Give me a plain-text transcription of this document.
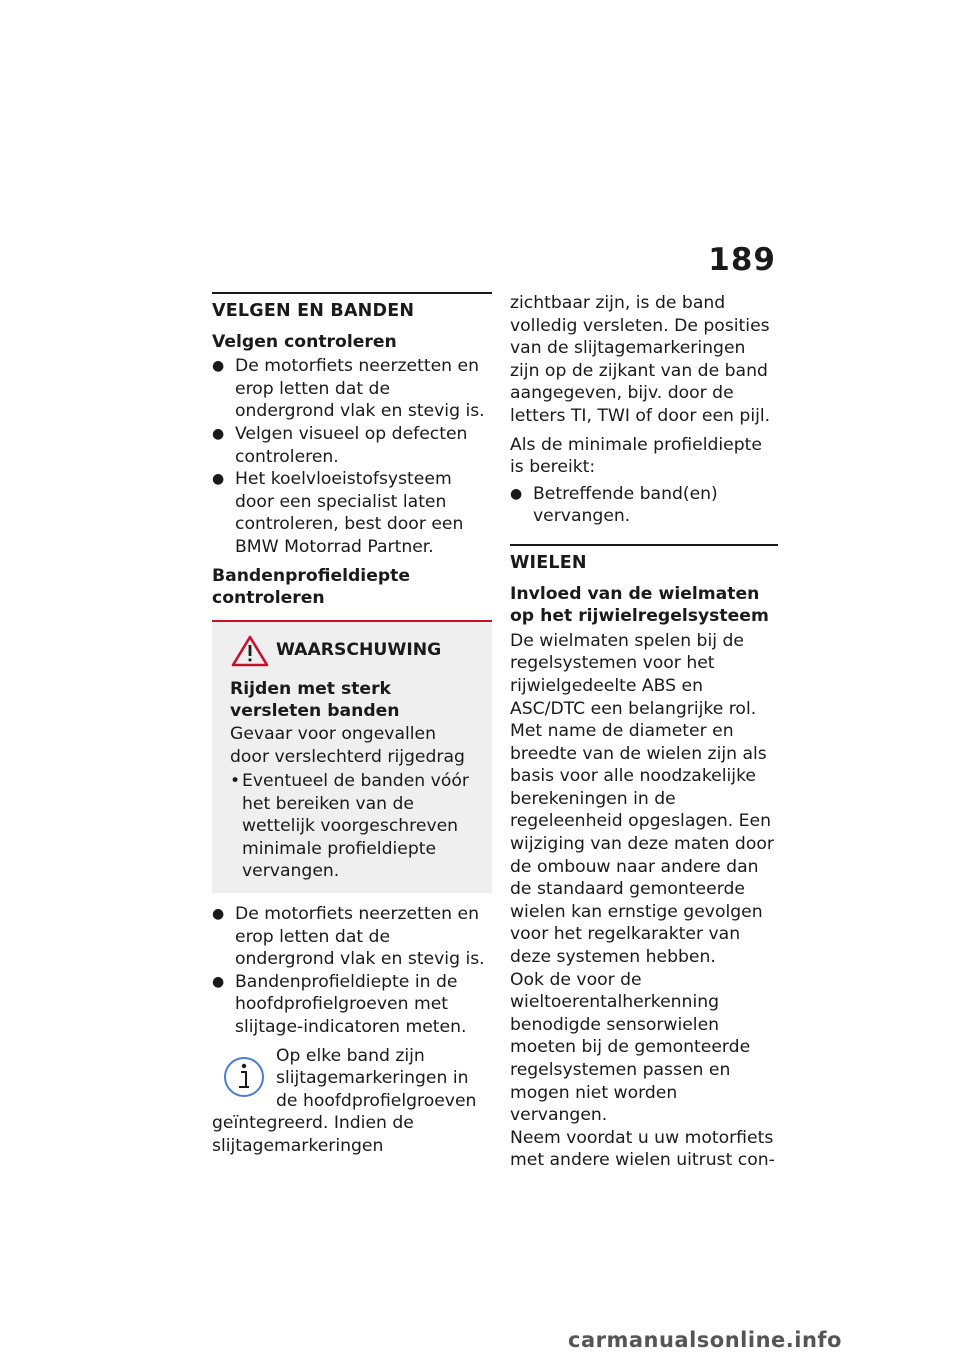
189
VELGEN EN BANDEN
Velgen controleren
● De motorfiets neerzetten en erop letten dat de ondergrond vlak en stevig is.
● Velgen visueel op defecten controleren.
● Het koelvloeistofsysteem door een specialist laten controleren, best door een BMW Motorrad Partner.
Bandenprofieldiepte controleren
WAARSCHUWING
Rijden met sterk versleten banden
Gevaar voor ongevallen door verslechterd rijgedrag
• Eventueel de banden vóór het bereiken van de wettelijk voorgeschreven minimale profieldiepte vervangen.
● De motorfiets neerzetten en erop letten dat de ondergrond vlak en stevig is.
● Bandenprofieldiepte in de hoofdprofielgroeven met slijtage-indicatoren meten.
Op elke band zijn slijtagemarkeringen in de hoofdprofielgroeven geïntegreerd. Indien de slijtagemarkeringen
zichtbaar zijn, is de band volledig versleten. De posities van de slijtagemarkeringen zijn op de zijkant van de band aangegeven, bijv. door de letters TI, TWI of door een pijl.
Als de minimale profieldiepte is bereikt:
● Betreffende band(en) vervangen.
WIELEN
Invloed van de wielmaten op het rijwielregelsysteem
De wielmaten spelen bij de regelsystemen voor het rijwielgedeelte ABS en ASC/DTC een belangrijke rol. Met name de diameter en breedte van de wielen zijn als basis voor alle noodzakelijke berekeningen in de regeleenheid opgeslagen. Een wijziging van deze maten door de ombouw naar andere dan de standaard gemonteerde wielen kan ernstige gevolgen voor het regelkarakter van deze systemen hebben.
Ook de voor de wieltoerentalherkenning benodigde sensorwielen moeten bij de gemonteerde regelsystemen passen en mogen niet worden vervangen.
Neem voordat u uw motorfiets met andere wielen uitrust con-
carmanualsonline.info
